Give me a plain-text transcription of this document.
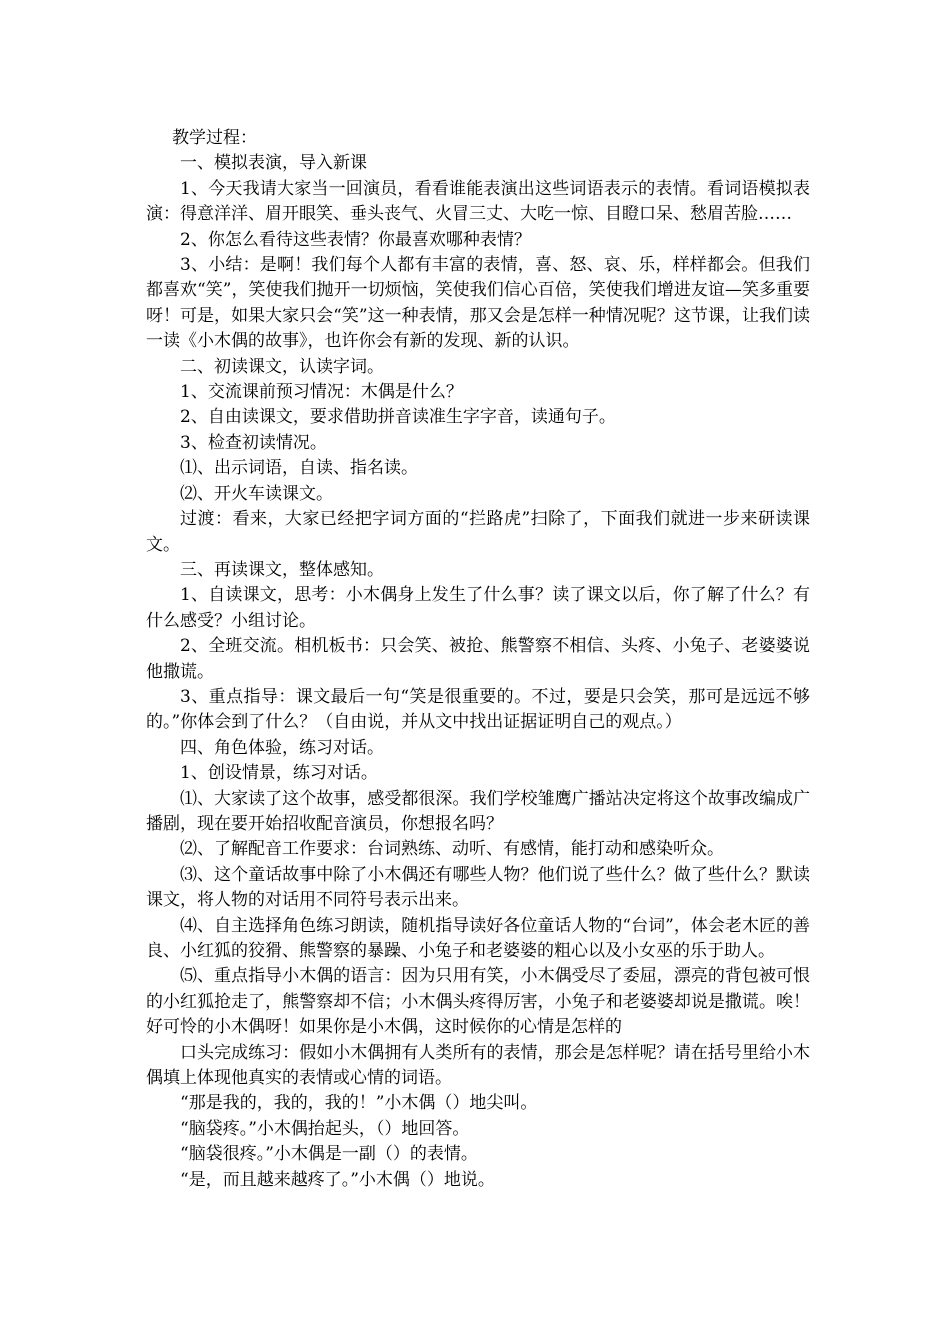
教学过程：

一、模拟表演，导入新课

1、今天我请大家当一回演员，看看谁能表演出这些词语表示的表情。看词语模拟表演：得意洋洋、眉开眼笑、垂头丧气、火冒三丈、大吃一惊、目瞪口呆、愁眉苦脸……

2、你怎么看待这些表情？你最喜欢哪种表情？

3、小结：是啊！我们每个人都有丰富的表情，喜、怒、哀、乐，样样都会。但我们都喜欢“笑”，笑使我们抛开一切烦恼，笑使我们信心百倍，笑使我们增进友谊—笑多重要呀！可是，如果大家只会“笑”这一种表情，那又会是怎样一种情况呢？这节课，让我们读一读《小木偶的故事》，也许你会有新的发现、新的认识。

二、初读课文，认读字词。

1、交流课前预习情况：木偶是什么？

2、自由读课文，要求借助拼音读准生字字音，读通句子。

3、检查初读情况。

⑴、出示词语，自读、指名读。

⑵、开火车读课文。

过渡：看来，大家已经把字词方面的“拦路虎”扫除了，下面我们就进一步来研读课文。

三、再读课文，整体感知。

1、自读课文，思考：小木偶身上发生了什么事？读了课文以后，你了解了什么？有什么感受？小组讨论。

2、全班交流。相机板书：只会笑、被抢、熊警察不相信、头疼、小兔子、老婆婆说他撒谎。

3、重点指导：课文最后一句“笑是很重要的。不过，要是只会笑，那可是远远不够的。”你体会到了什么？（自由说，并从文中找出证据证明自己的观点。）

四、角色体验，练习对话。

1、创设情景，练习对话。

⑴、大家读了这个故事，感受都很深。我们学校雏鹰广播站决定将这个故事改编成广播剧，现在要开始招收配音演员，你想报名吗？

⑵、了解配音工作要求：台词熟练、动听、有感情，能打动和感染听众。

⑶、这个童话故事中除了小木偶还有哪些人物？他们说了些什么？做了些什么？默读课文，将人物的对话用不同符号表示出来。

⑷、自主选择角色练习朗读，随机指导读好各位童话人物的“台词”，体会老木匠的善良、小红狐的狡猾、熊警察的暴躁、小兔子和老婆婆的粗心以及小女巫的乐于助人。

⑸、重点指导小木偶的语言：因为只用有笑，小木偶受尽了委屈，漂亮的背包被可恨的小红狐抢走了，熊警察却不信；小木偶头疼得厉害，小兔子和老婆婆却说是撒谎。唉！好可怜的小木偶呀！如果你是小木偶，这时候你的心情是怎样的

口头完成练习：假如小木偶拥有人类所有的表情，那会是怎样呢？请在括号里给小木偶填上体现他真实的表情或心情的词语。

“那是我的，我的，我的！”小木偶（）地尖叫。

“脑袋疼。”小木偶抬起头，（）地回答。

“脑袋很疼。”小木偶是一副（）的表情。

“是，而且越来越疼了。”小木偶（）地说。
